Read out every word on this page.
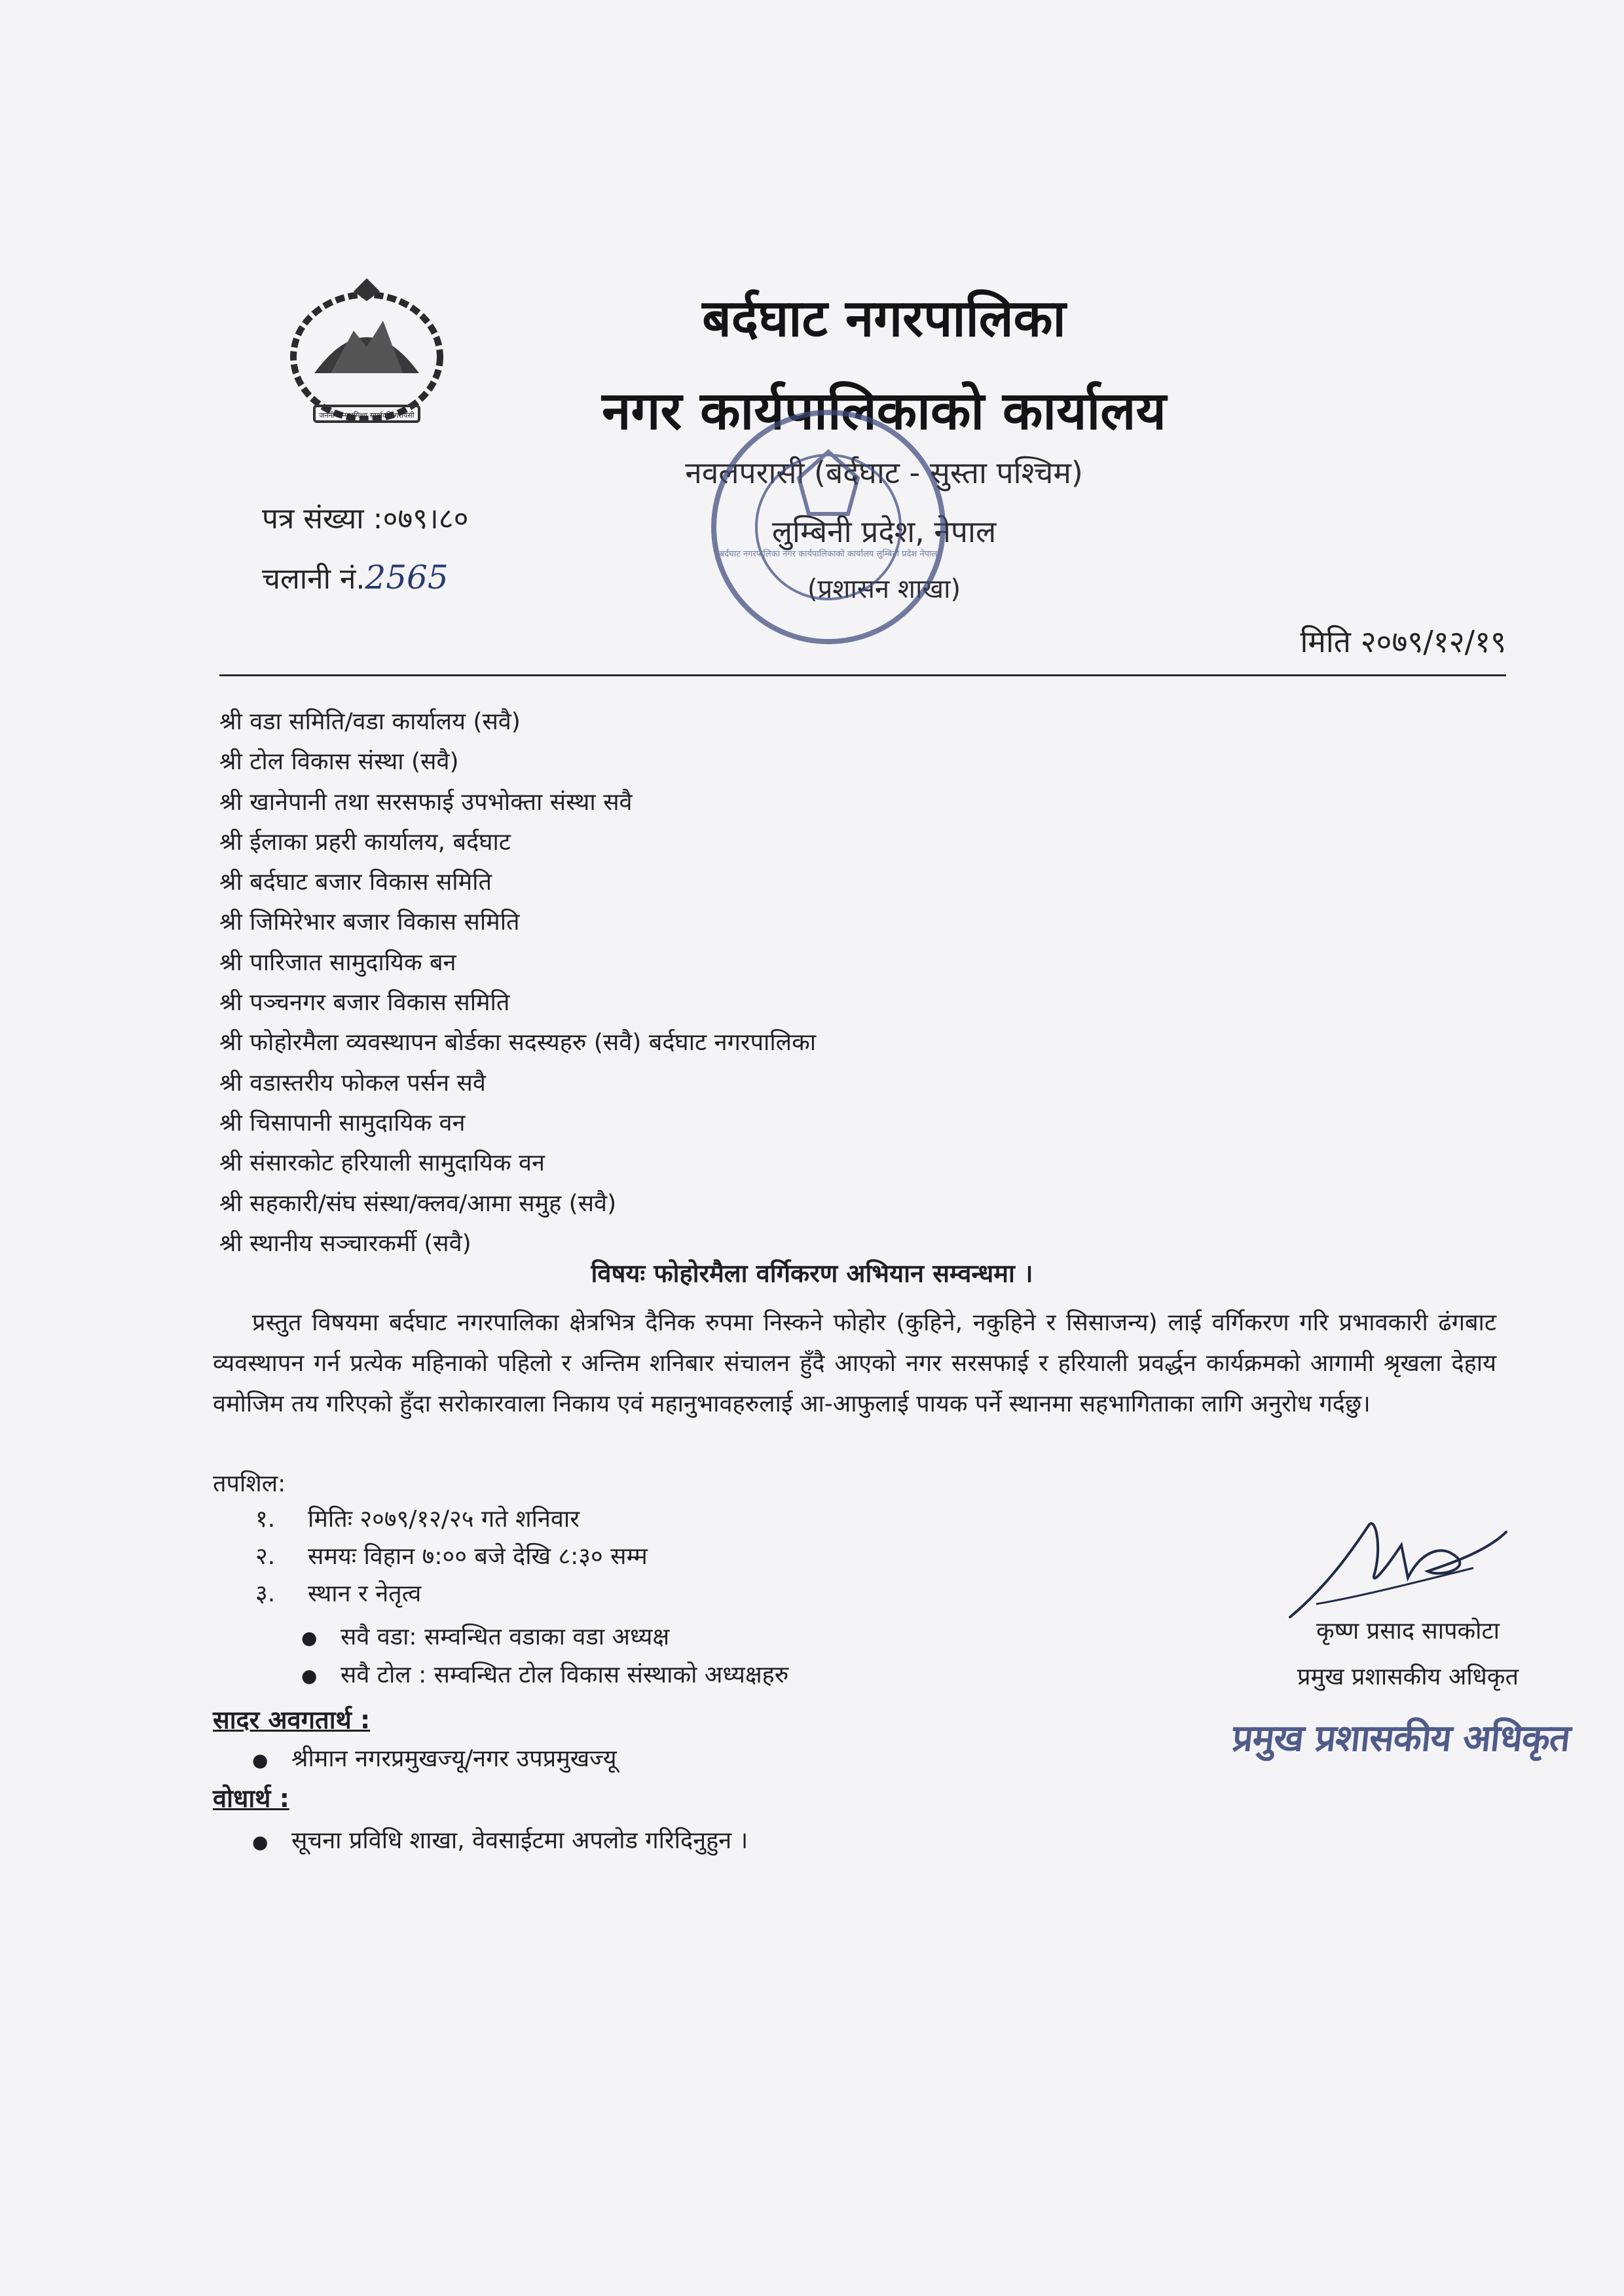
जननी जन्मभूमिश्च स्वर्गादपि गरीयसी
बर्दघाट नगरपालिका
नगर कार्यपालिकाको कार्यालय
नवलपरासी (बर्दघाट - सुस्ता पश्चिम)
लुम्बिनी प्रदेश, नेपाल
(प्रशासन शाखा)
बर्दघाट नगरपालिका नगर कार्यपालिकाको कार्यालय लुम्बिनी प्रदेश नेपाल
पत्र संख्या :०७९।८०
चलानी नं.2565
मिति २०७९/१२/१९
श्री वडा समिति/वडा कार्यालय (सवै)
श्री टोल विकास संस्था (सवै)
श्री खानेपानी तथा सरसफाई उपभोक्ता संस्था सवै
श्री ईलाका प्रहरी कार्यालय, बर्दघाट
श्री बर्दघाट बजार विकास समिति
श्री जिमिरेभार बजार विकास समिति
श्री पारिजात सामुदायिक बन
श्री पञ्चनगर बजार विकास समिति
श्री फोहोरमैला व्यवस्थापन बोर्डका सदस्यहरु (सवै) बर्दघाट नगरपालिका
श्री वडास्तरीय फोकल पर्सन सवै
श्री चिसापानी सामुदायिक वन
श्री संसारकोट हरियाली सामुदायिक वन
श्री सहकारी/संघ संस्था/क्लव/आमा समुह (सवै)
श्री स्थानीय सञ्चारकर्मी (सवै)
विषयः फोहोरमैला वर्गिकरण अभियान सम्वन्धमा ।

प्रस्तुत विषयमा बर्दघाट नगरपालिका क्षेत्रभित्र दैनिक रुपमा निस्कने फोहोर (कुहिने, नकुहिने र सिसाजन्य) लाई वर्गिकरण गरि प्रभावकारी ढंगबाट व्यवस्थापन गर्न प्रत्येक महिनाको पहिलो र अन्तिम शनिबार संचालन हुँदै आएको नगर सरसफाई र हरियाली प्रवर्द्धन कार्यक्रमको आगामी श्रृखला देहाय वमोजिम तय गरिएको हुँदा सरोकारवाला निकाय एवं महानुभावहरुलाई आ-आफुलाई पायक पर्ने स्थानमा सहभागिताका लागि अनुरोध गर्दछु।

तपशिल:
१. मितिः २०७९/१२/२५ गते शनिवार
२. समयः विहान ७:०० बजे देखि ८:३० सम्म
३. स्थान र नेतृत्व
● सवै वडा: सम्वन्धित वडाका वडा अध्यक्ष
● सवै टोल : सम्वन्धित टोल विकास संस्थाको अध्यक्षहरु
सादर अवगतार्थ :
● श्रीमान नगरप्रमुखज्यू/नगर उपप्रमुखज्यू
वोधार्थ :
● सूचना प्रविधि शाखा, वेवसाईटमा अपलोड गरिदिनुहुन ।
कृष्ण प्रसाद सापकोटा
प्रमुख प्रशासकीय अधिकृत
प्रमुख प्रशासकीय अधिकृत
